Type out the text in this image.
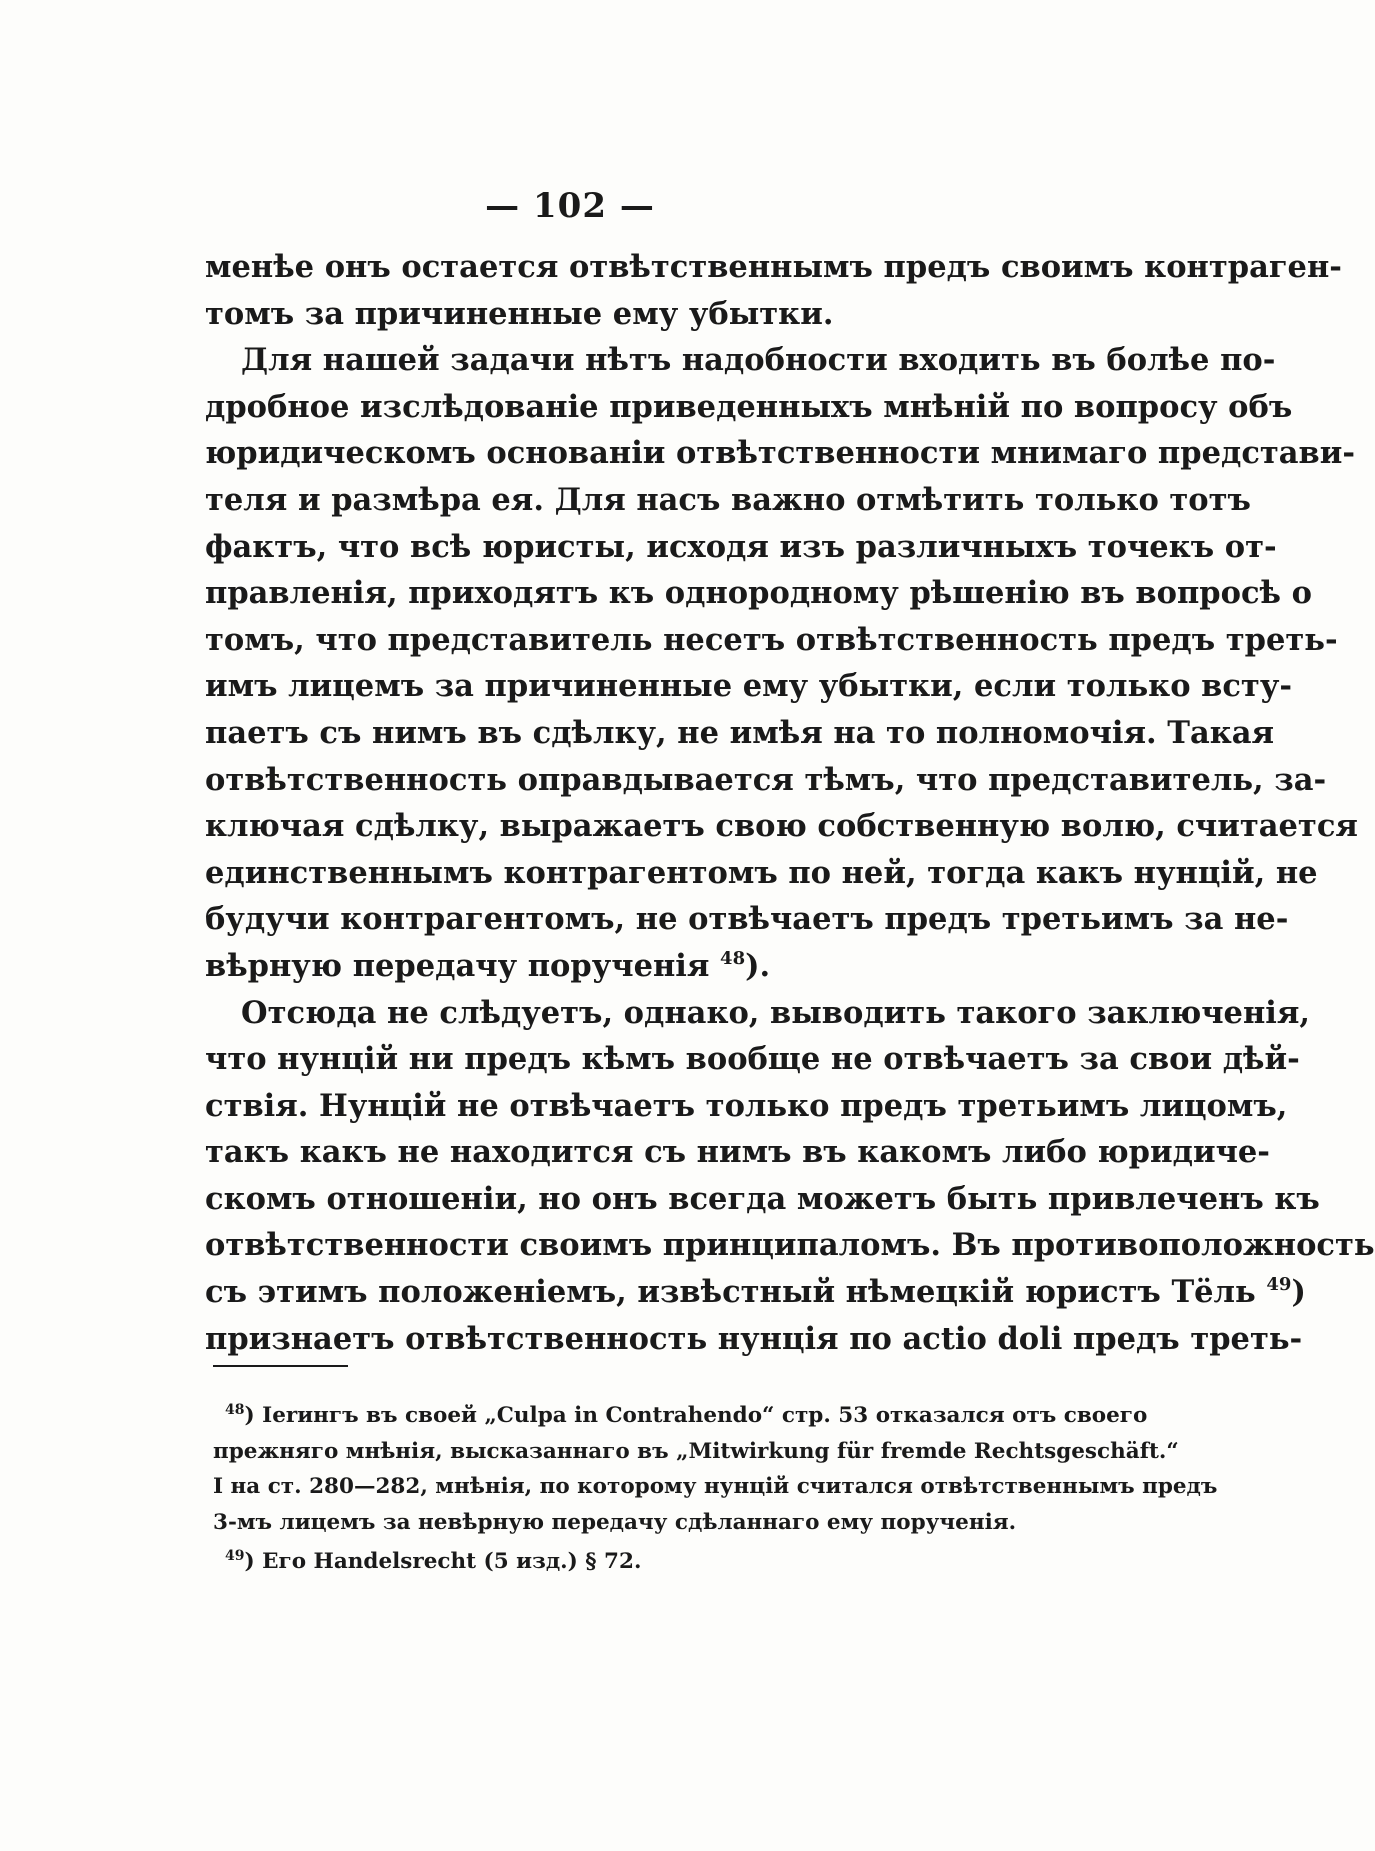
— 102 —
менѣе онъ остается отвѣтственнымъ предъ своимъ контраген-
томъ за причиненные ему убытки.
Для нашей задачи нѣтъ надобности входить въ болѣе по-
дробное изслѣдованіе приведенныхъ мнѣній по вопросу объ
юридическомъ основаніи отвѣтственности мнимаго представи-
теля и размѣра ея. Для насъ важно отмѣтить только тотъ
фактъ, что всѣ юристы, исходя изъ различныхъ точекъ от-
правленія, приходятъ къ однородному рѣшенію въ вопросѣ о
томъ, что представитель несетъ отвѣтственность предъ треть-
имъ лицемъ за причиненные ему убытки, если только всту-
паетъ съ нимъ въ сдѣлку, не имѣя на то полномочія. Такая
отвѣтственность оправдывается тѣмъ, что представитель, за-
ключая сдѣлку, выражаетъ свою собственную волю, считается
единственнымъ контрагентомъ по ней, тогда какъ нунцій, не
будучи контрагентомъ, не отвѣчаетъ предъ третьимъ за не-
вѣрную передачу порученія $^{48}$).
Отсюда не слѣдуетъ, однако, выводить такого заключенія,
что нунцій ни предъ кѣмъ вообще не отвѣчаетъ за свои дѣй-
ствія. Нунцій не отвѣчаетъ только предъ третьимъ лицомъ,
такъ какъ не находится съ нимъ въ какомъ либо юридиче-
скомъ отношеніи, но онъ всегда можетъ быть привлеченъ къ
отвѣтственности своимъ принципаломъ. Въ противоположность
съ этимъ положеніемъ, извѣстный нѣмецкій юристъ Тёль $^{49}$)
признаетъ отвѣтственность нунція по actio doli предъ треть-
$^{48}$) Ierингъ въ своей „Culpa in Contrahendo“ стр. 53 отказался отъ своего
прежняго мнѣнія, высказаннаго въ „Mitwirkung für fremde Rechtsgeschäft.“
I на ст. 280—282, мнѣнія, по которому нунцій считался отвѣтственнымъ предъ
3-мъ лицемъ за невѣрную передачу сдѣланнаго ему порученія.
$^{49}$) Его Handelsrecht (5 изд.) § 72.
